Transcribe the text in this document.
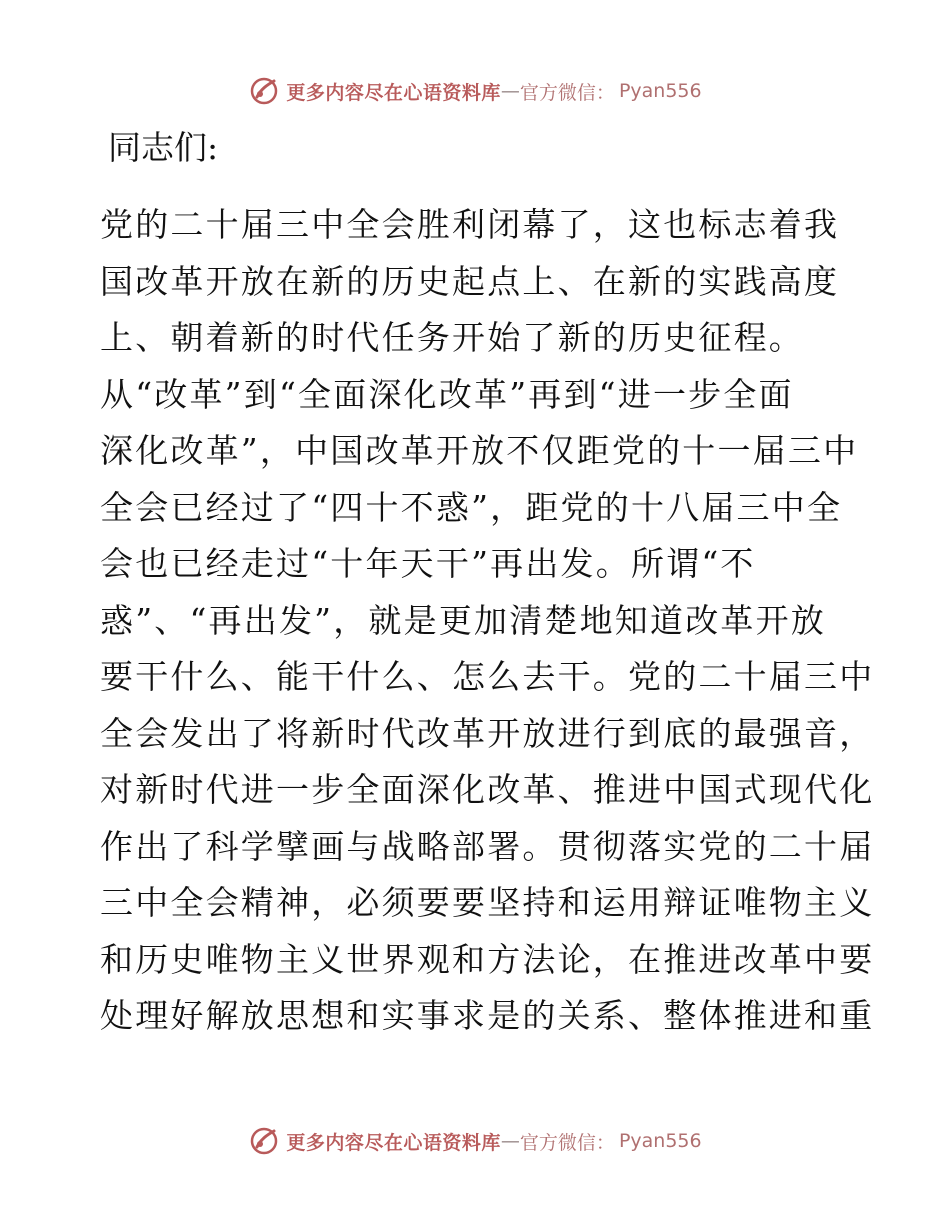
更多内容尽在心语资料库 — 官方微信： Pyan556

同志们:

党的二十届三中全会胜利闭幕了，这也标志着我
国改革开放在新的历史起点上、在新的实践高度
上、朝着新的时代任务开始了新的历史征程。
从“改革”到“全面深化改革”再到“进一步全面
深化改革”，中国改革开放不仅距党的十一届三中
全会已经过了“四十不惑”，距党的十八届三中全
会也已经走过“十年天干”再出发。所谓“不
惑”、“再出发”，就是更加清楚地知道改革开放
要干什么、能干什么、怎么去干。党的二十届三中
全会发出了将新时代改革开放进行到底的最强音，
对新时代进一步全面深化改革、推进中国式现代化
作出了科学擘画与战略部署。贯彻落实党的二十届
三中全会精神，必须要要坚持和运用辩证唯物主义
和历史唯物主义世界观和方法论，在推进改革中要
处理好解放思想和实事求是的关系、整体推进和重
更多内容尽在心语资料库 — 官方微信： Pyan556
